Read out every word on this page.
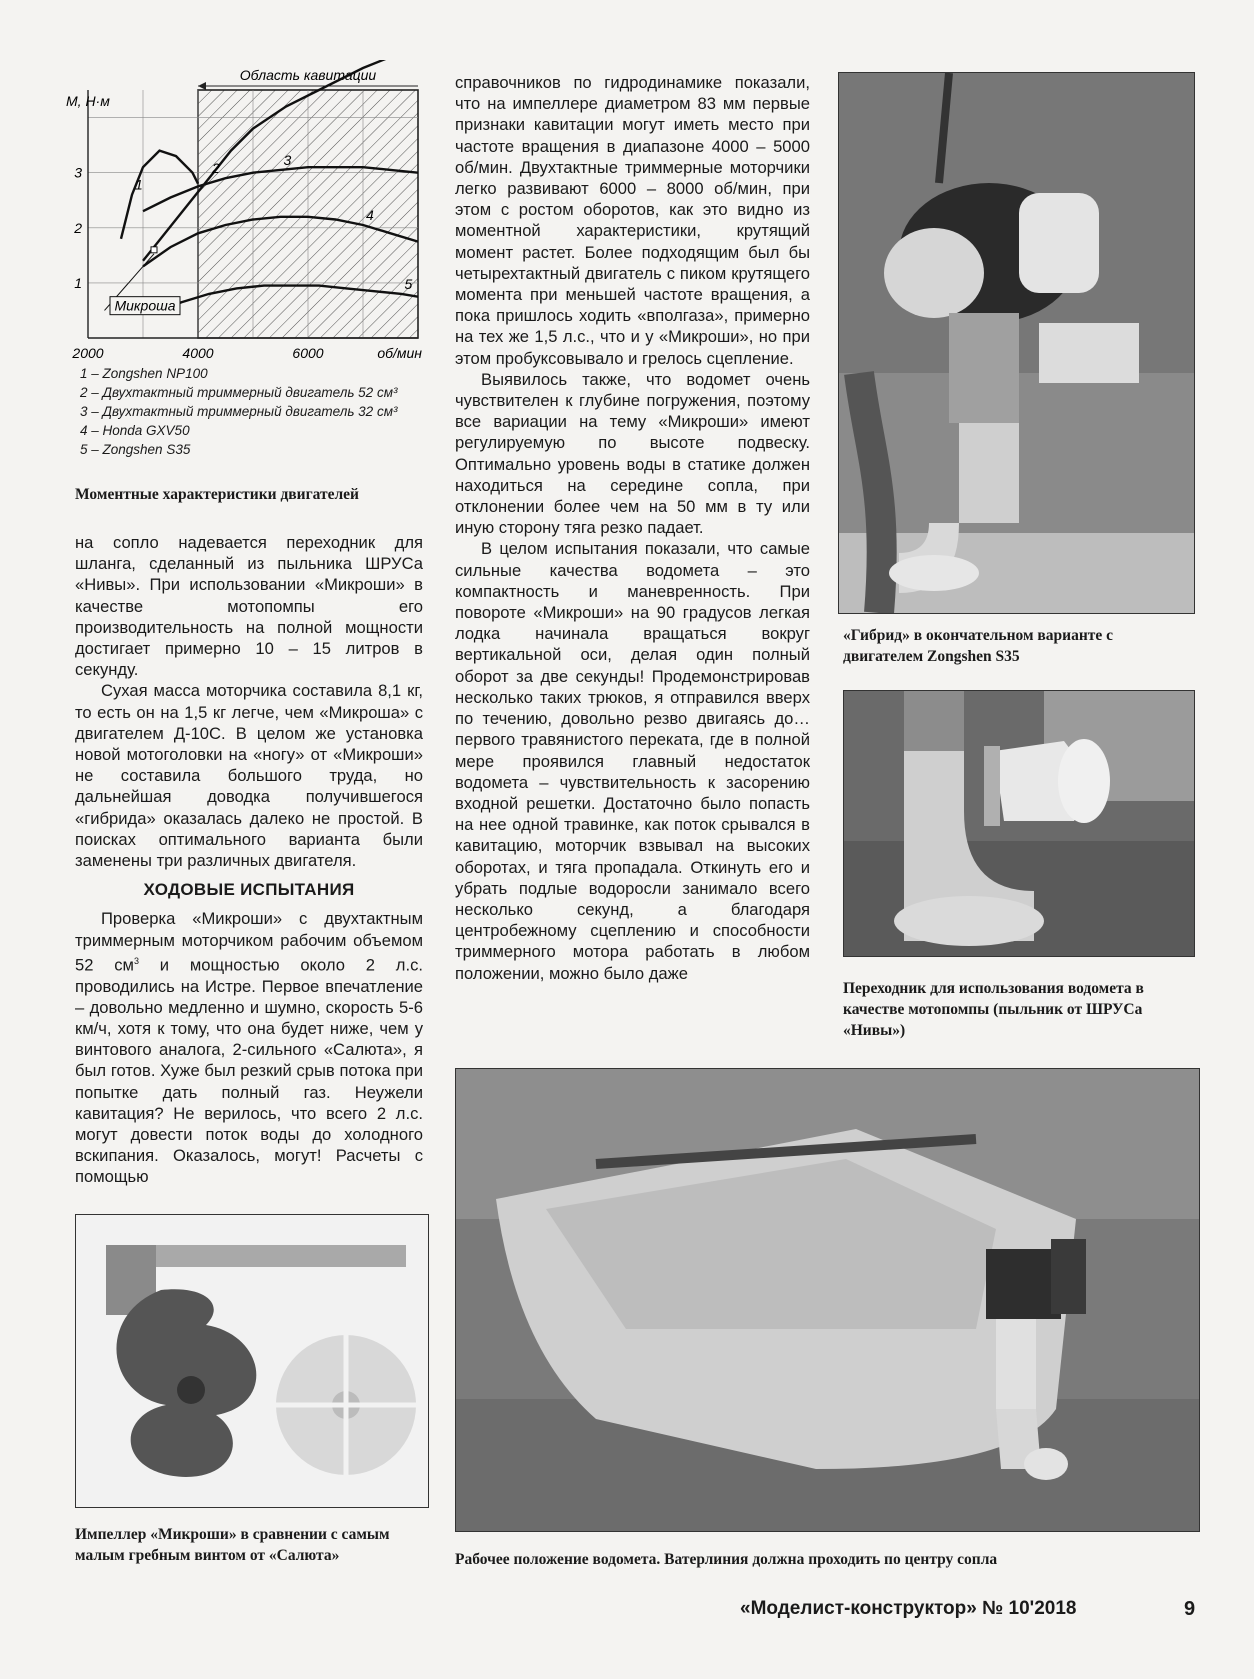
2000	4000	6000	об/мин
1
2
3
М, Н·м
Область кавитации
1
2
3
4
5
Микроша
1 – Zongshen NP100
2 – Двухтактный триммерный двигатель 52 см³
3 – Двухтактный триммерный двигатель 32 см³
4 – Honda GXV50
5 – Zongshen S35
Моментные характеристики двигателей

на сопло надевается переходник для шланга, сделанный из пыльника ШРУСа «Нивы». При использовании «Микроши» в качестве мотопомпы его производительность на полной мощности достигает примерно 10 – 15 литров в секунду.

Сухая масса моторчика составила 8,1 кг, то есть он на 1,5 кг легче, чем «Микроша» с двигателем Д-10С. В целом же установка новой мотоголовки на «ногу» от «Микроши» не составила большого труда, но дальнейшая доводка получившегося «гибрида» оказалась далеко не простой. В поисках оптимального варианта были заменены три различных двигателя.

ХОДОВЫЕ ИСПЫТАНИЯ

Проверка «Микроши» с двухтактным триммерным моторчиком рабочим объемом 52 $см^3$ и мощностью около 2 л.с. проводились на Истре. Первое впечатление – довольно медленно и шумно, скорость 5-6 км/ч, хотя к тому, что она будет ниже, чем у винтового аналога, 2-сильного «Салюта», я был готов. Хуже был резкий срыв потока при попытке дать полный газ. Неужели кавитация? Не верилось, что всего 2 л.с. могут довести поток воды до холодного вскипания. Оказалось, могут! Расчеты с помощью

справочников по гидродинамике показали, что на импеллере диаметром 83 мм первые признаки кавитации могут иметь место при частоте вращения в диапазоне 4000 – 5000 об/мин. Двухтактные триммерные моторчики легко развивают 6000 – 8000 об/мин, при этом с ростом оборотов, как это видно из моментной характеристики, крутящий момент растет. Более подходящим был бы четырехтактный двигатель с пиком крутящего момента при меньшей частоте вращения, а пока пришлось ходить «вполгаза», примерно на тех же 1,5 л.с., что и у «Микроши», но при этом пробуксовывало и грелось сцепление.

Выявилось также, что водомет очень чувствителен к глубине погружения, поэтому все вариации на тему «Микроши» имеют регулируемую по высоте подвеску. Оптимально уровень воды в статике должен находиться на середине сопла, при отклонении более чем на 50 мм в ту или иную сторону тяга резко падает.

В целом испытания показали, что самые сильные качества водомета – это компактность и маневренность. При повороте «Микроши» на 90 градусов легкая лодка начинала вращаться вокруг вертикальной оси, делая один полный оборот за две секунды! Продемонстрировав несколько таких трюков, я отправился вверх по течению, довольно резво двигаясь до… первого травянистого переката, где в полной мере проявился главный недостаток водомета – чувствительность к засорению входной решетки. Достаточно было попасть на нее одной травинке, как поток срывался в кавитацию, моторчик взвывал на высоких оборотах, и тяга пропадала. Откинуть его и убрать подлые водоросли занимало всего несколько секунд, а благодаря центробежному сцеплению и способности триммерного мотора работать в любом положении, можно было даже

«Гибрид» в окончательном варианте с двигателем Zongshen S35
Переходник для использования водомета в качестве мотопомпы (пыльник от ШРУСа «Нивы»)
Импеллер «Микроши» в сравнении с самым малым гребным винтом от «Салюта»	Рабочее положение водомета. Ватерлиния должна проходить по центру сопла
«Моделист-конструктор» № 10'2018	9
